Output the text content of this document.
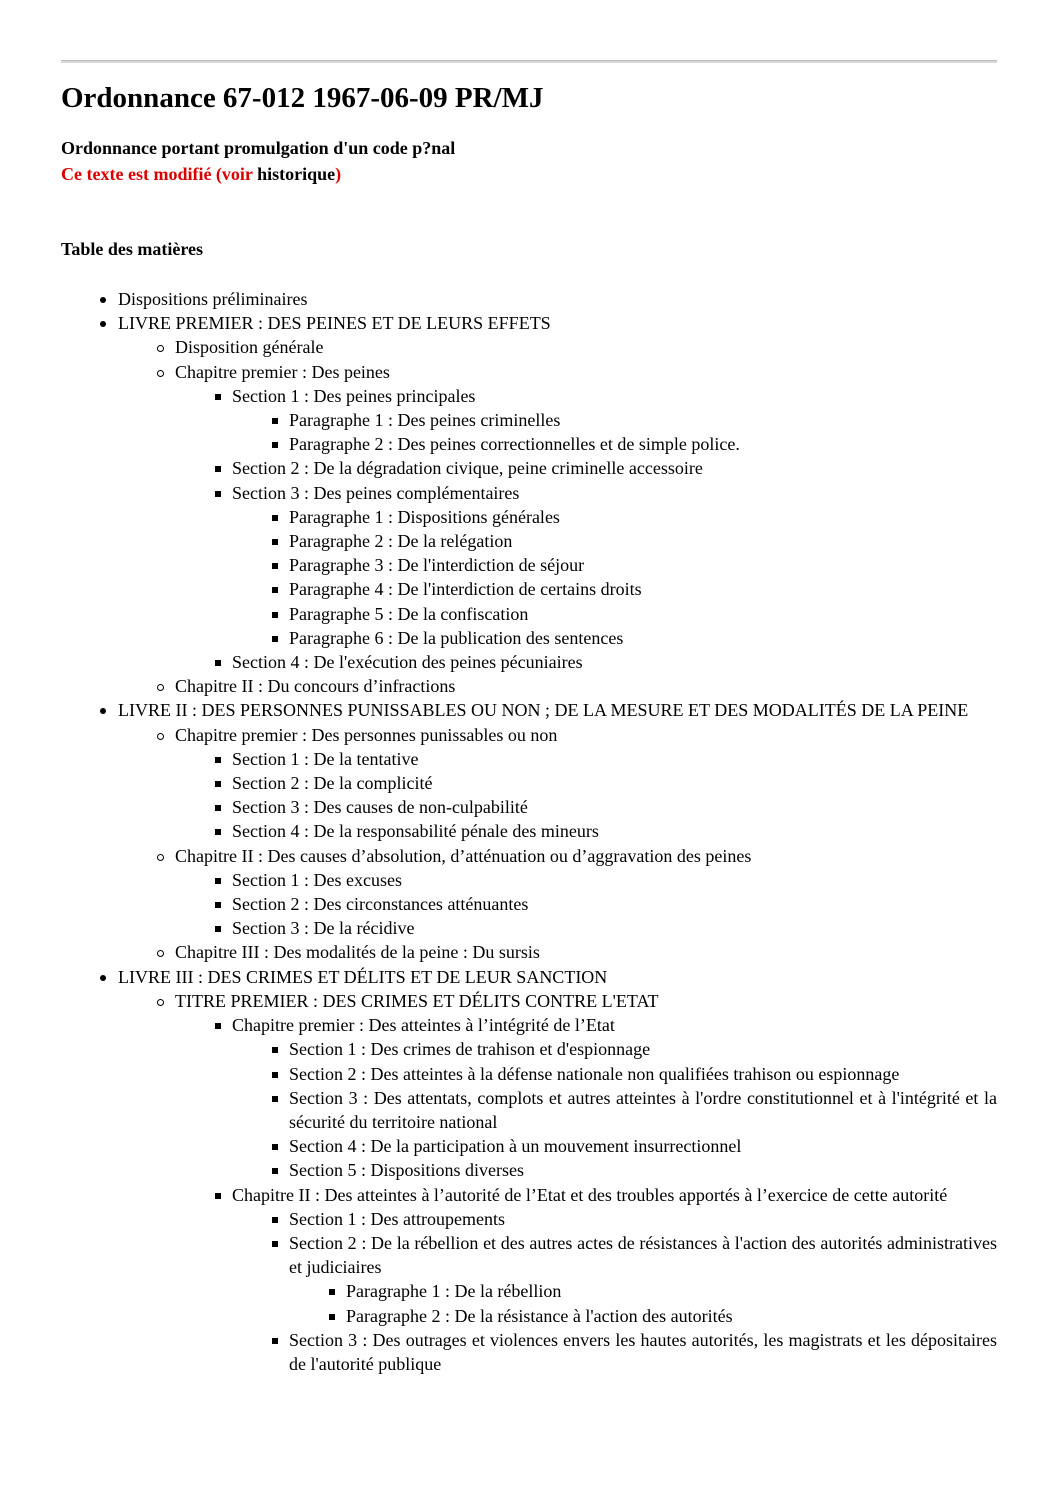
Ordonnance 67-012 1967-06-09 PR/MJ

Ordonnance portant promulgation d'un code p?nal

Ce texte est modifié (voir historique)

Table des matières

Dispositions préliminaires
LIVRE PREMIER : DES PEINES ET DE LEURS EFFETS
Disposition générale
Chapitre premier : Des peines
Section 1 : Des peines principales
Paragraphe 1 : Des peines criminelles
Paragraphe 2 : Des peines correctionnelles et de simple police.
Section 2 : De la dégradation civique, peine criminelle accessoire
Section 3 : Des peines complémentaires
Paragraphe 1 : Dispositions générales
Paragraphe 2 : De la relégation
Paragraphe 3 : De l'interdiction de séjour
Paragraphe 4 : De l'interdiction de certains droits
Paragraphe 5 : De la confiscation
Paragraphe 6 : De la publication des sentences
Section 4 : De l'exécution des peines pécuniaires
Chapitre II : Du concours d’infractions
LIVRE II : DES PERSONNES PUNISSABLES OU NON ; DE LA MESURE ET DES MODALITÉS DE LA PEINE
Chapitre premier : Des personnes punissables ou non
Section 1 : De la tentative
Section 2 : De la complicité
Section 3 : Des causes de non-culpabilité
Section 4 : De la responsabilité pénale des mineurs
Chapitre II : Des causes d’absolution, d’atténuation ou d’aggravation des peines
Section 1 : Des excuses
Section 2 : Des circonstances atténuantes
Section 3 : De la récidive
Chapitre III : Des modalités de la peine : Du sursis
LIVRE III : DES CRIMES ET DÉLITS ET DE LEUR SANCTION
TITRE PREMIER : DES CRIMES ET DÉLITS CONTRE L'ETAT
Chapitre premier : Des atteintes à l’intégrité de l’Etat
Section 1 : Des crimes de trahison et d'espionnage
Section 2 : Des atteintes à la défense nationale non qualifiées trahison ou espionnage
Section 3 : Des attentats, complots et autres atteintes à l'ordre constitutionnel et à l'intégrité et la sécurité du territoire national
Section 4 : De la participation à un mouvement insurrectionnel
Section 5 : Dispositions diverses
Chapitre II : Des atteintes à l’autorité de l’Etat et des troubles apportés à l’exercice de cette autorité
Section 1 : Des attroupements
Section 2 : De la rébellion et des autres actes de résistances à l'action des autorités administratives et judiciaires
Paragraphe 1 : De la rébellion
Paragraphe 2 : De la résistance à l'action des autorités
Section 3 : Des outrages et violences envers les hautes autorités, les magistrats et les dépositaires de l'autorité publique
